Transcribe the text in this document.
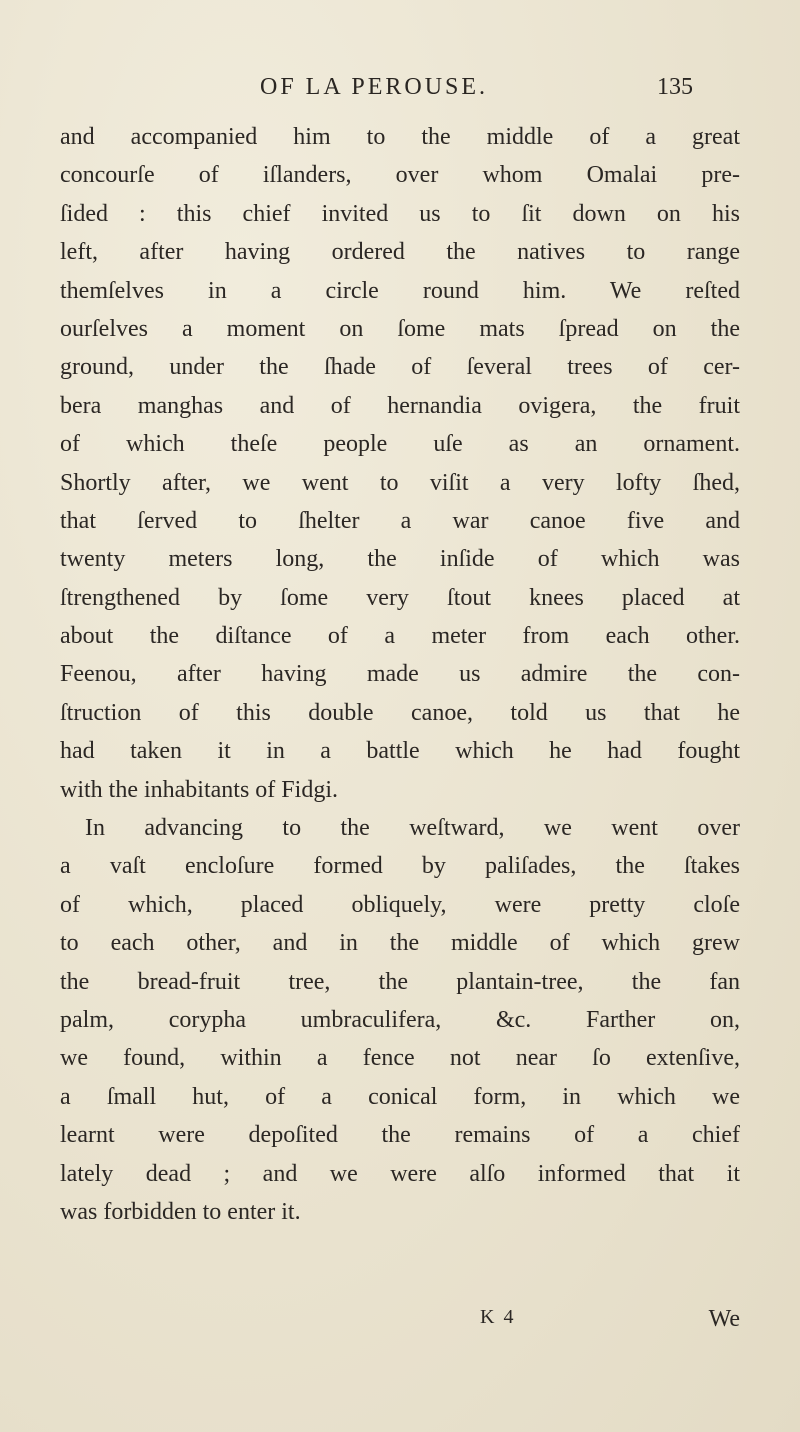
OF LA PEROUSE.	135
and accompanied him to the middle of a great
concourſe of iſlanders, over whom Omalai pre-
ſided : this chief invited us to ſit down on his
left, after having ordered the natives to range
themſelves in a circle round him. We reſted
ourſelves a moment on ſome mats ſpread on the
ground, under the ſhade of ſeveral trees of cer-
bera manghas and of hernandia ovigera, the fruit
of which theſe people uſe as an ornament.
Shortly after, we went to viſit a very lofty ſhed,
that ſerved to ſhelter a war canoe five and
twenty meters long, the inſide of which was
ſtrengthened by ſome very ſtout knees placed at
about the diſtance of a meter from each other.
Feenou, after having made us admire the con-
ſtruction of this double canoe, told us that he
had taken it in a battle which he had fought
with the inhabitants of Fidgi.
In advancing to the weſtward, we went over
a vaſt encloſure formed by paliſades, the ſtakes
of which, placed obliquely, were pretty cloſe
to each other, and in the middle of which grew
the bread-fruit tree, the plantain-tree, the fan
palm, corypha umbraculifera, &c. Farther on,
we found, within a fence not near ſo extenſive,
a ſmall hut, of a conical form, in which we
learnt were depoſited the remains of a chief
lately dead ; and we were alſo informed that it
was forbidden to enter it.
K 4	We
